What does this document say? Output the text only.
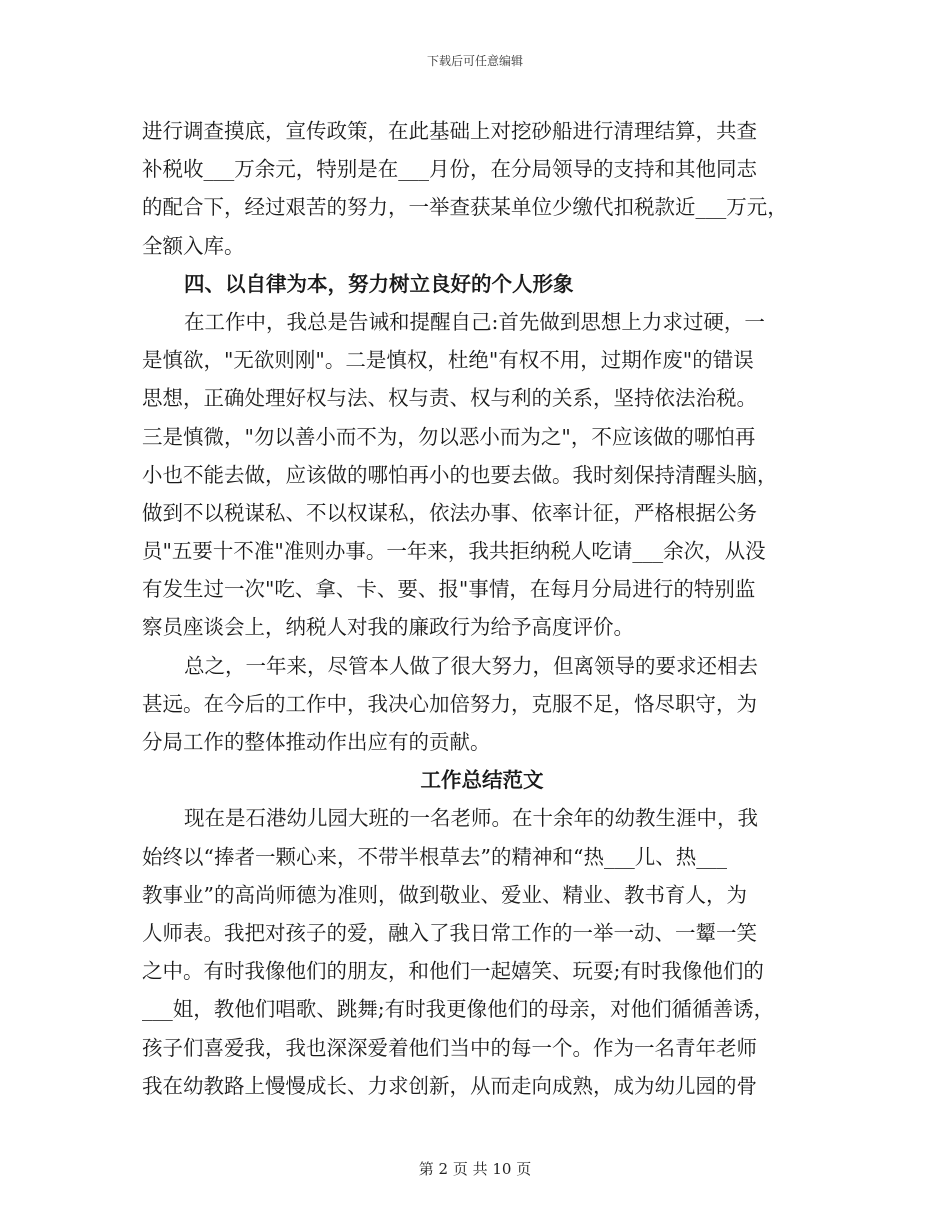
下载后可任意编辑
进行调查摸底，宣传政策，在此基础上对挖砂船进行清理结算，共查
补税收___万余元，特别是在___月份，在分局领导的支持和其他同志
的配合下，经过艰苦的努力，一举查获某单位少缴代扣税款近___万元，
全额入库。
四、以自律为本，努力树立良好的个人形象
在工作中，我总是告诫和提醒自己:首先做到思想上力求过硬，一
是慎欲，"无欲则刚"。二是慎权，杜绝"有权不用，过期作废"的错误
思想，正确处理好权与法、权与责、权与利的关系，坚持依法治税。
三是慎微，"勿以善小而不为，勿以恶小而为之"，不应该做的哪怕再
小也不能去做，应该做的哪怕再小的也要去做。我时刻保持清醒头脑，
做到不以税谋私、不以权谋私，依法办事、依率计征，严格根据公务
员"五要十不准"准则办事。一年来，我共拒纳税人吃请___余次，从没
有发生过一次"吃、拿、卡、要、报"事情，在每月分局进行的特别监
察员座谈会上，纳税人对我的廉政行为给予高度评价。
总之，一年来，尽管本人做了很大努力，但离领导的要求还相去
甚远。在今后的工作中，我决心加倍努力，克服不足，恪尽职守，为
分局工作的整体推动作出应有的贡献。
工作总结范文
现在是石港幼儿园大班的一名老师。在十余年的幼教生涯中，我
始终以“捧者一颗心来，不带半根草去”的精神和“热___儿、热___
教事业”的高尚师德为准则，做到敬业、爱业、精业、教书育人，为
人师表。我把对孩子的爱，融入了我日常工作的一举一动、一颦一笑
之中。有时我像他们的朋友，和他们一起嬉笑、玩耍;有时我像他们的
___姐，教他们唱歌、跳舞;有时我更像他们的母亲，对他们循循善诱，
孩子们喜爱我，我也深深爱着他们当中的每一个。作为一名青年老师
我在幼教路上慢慢成长、力求创新，从而走向成熟，成为幼儿园的骨
第 2 页 共 10 页
